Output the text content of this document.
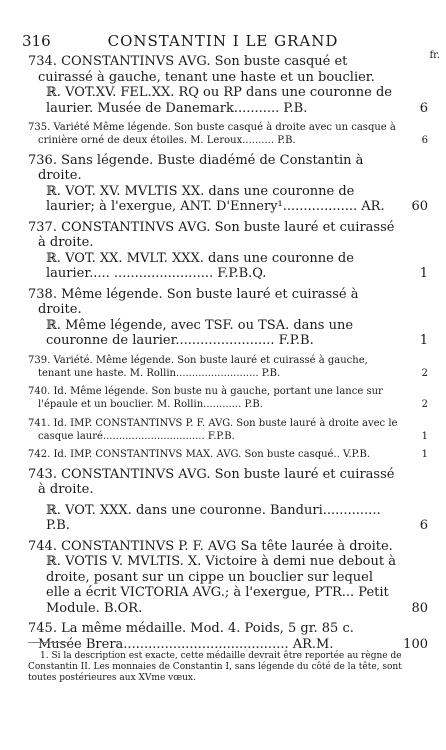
316	CONSTANTIN I LE GRAND
fr.

734. CONSTANTINVS AVG. Son buste casqué et cuirassé à gauche, tenant une haste et un bouclier.

ℝ. VOT.XV. FEL.XX. RQ ou RP dans une couronne de laurier. Musée de Danemark........... P.B.	6

735. Variété Même légende. Son buste casqué à droite avec un casque à crinière orné de deux étoiles. M. Leroux.......... P.B.	6

736. Sans légende. Buste diadémé de Constantin à droite.

ℝ. VOT. XV. MVLTIS XX. dans une couronne de laurier; à l'exergue, ANT. D'Ennery¹.................. AR.	60

737. CONSTANTINVS AVG. Son buste lauré et cuirassé à droite.

ℝ. VOT. XX. MVLT. XXX. dans une couronne de laurier..... ........................ F.P.B.Q.	1

738. Même légende. Son buste lauré et cuirassé à droite.

ℝ. Même légende, avec TSF. ou TSA. dans une couronne de laurier........................ F.P.B.	1

739. Variété. Même légende. Son buste lauré et cuirassé à gauche, tenant une haste. M. Rollin.......................... P.B.	2

740. Id. Même légende. Son buste nu à gauche, portant une lance sur l'épaule et un bouclier. M. Rollin............ P.B.	2

741. Id. IMP. CONSTANTINVS P. F. AVG. Son buste lauré à droite avec le casque lauré................................ F.P.B.	1

742. Id. IMP. CONSTANTINVS MAX. AVG. Son buste casqué.. V.P.B.	1

743. CONSTANTINVS AVG. Son buste lauré et cuirassé à droite.

ℝ. VOT. XXX. dans une couronne. Banduri.............. P.B.	6

744. CONSTANTINVS P. F. AVG Sa tête laurée à droite.

ℝ. VOTIS V. MVLTIS. X. Victoire à demi nue debout à droite, posant sur un cippe un bouclier sur lequel elle a écrit VICTORIA AVG.; à l'exergue, PTR... Petit Module. B.OR.	80

745. La même médaille. Mod. 4. Poids, 5 gr. 85 c. Musée Brera........................................ AR.M.	100
1. Si la description est exacte, cette médaille devrait être reportée au règne de Constantin II. Les monnaies de Constantin I, sans légende du côté de la tête, sont toutes postérieures aux XVme vœux.
